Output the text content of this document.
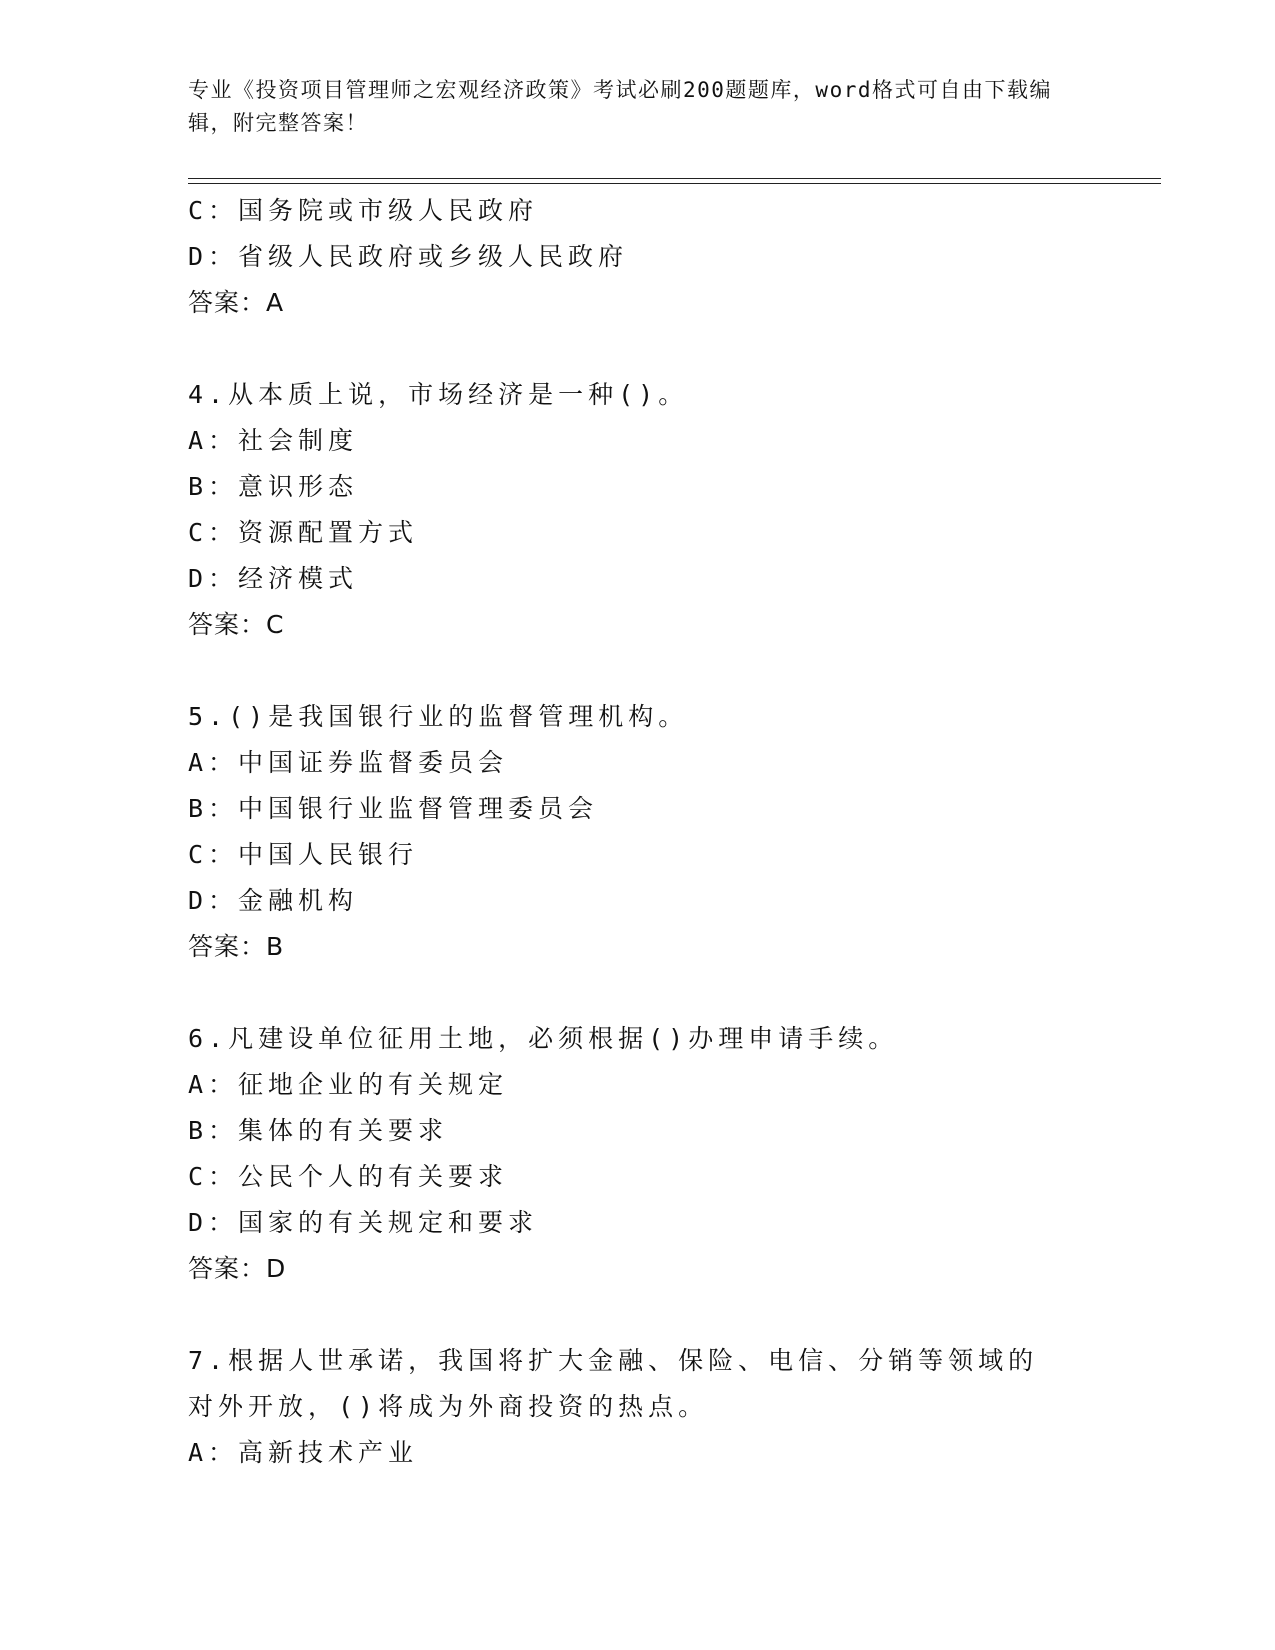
专业《投资项目管理师之宏观经济政策》考试必刷200题题库，word格式可自由下载编辑，附完整答案！
C：国务院或市级人民政府
D：省级人民政府或乡级人民政府
答案：A
4.从本质上说，市场经济是一种()。
A：社会制度
B：意识形态
C：资源配置方式
D：经济模式
答案：C
5.()是我国银行业的监督管理机构。
A：中国证券监督委员会
B：中国银行业监督管理委员会
C：中国人民银行
D：金融机构
答案：B
6.凡建设单位征用土地，必须根据()办理申请手续。
A：征地企业的有关规定
B：集体的有关要求
C：公民个人的有关要求
D：国家的有关规定和要求
答案：D
7.根据人世承诺，我国将扩大金融、保险、电信、分销等领域的对外开放，()将成为外商投资的热点。
A：高新技术产业
